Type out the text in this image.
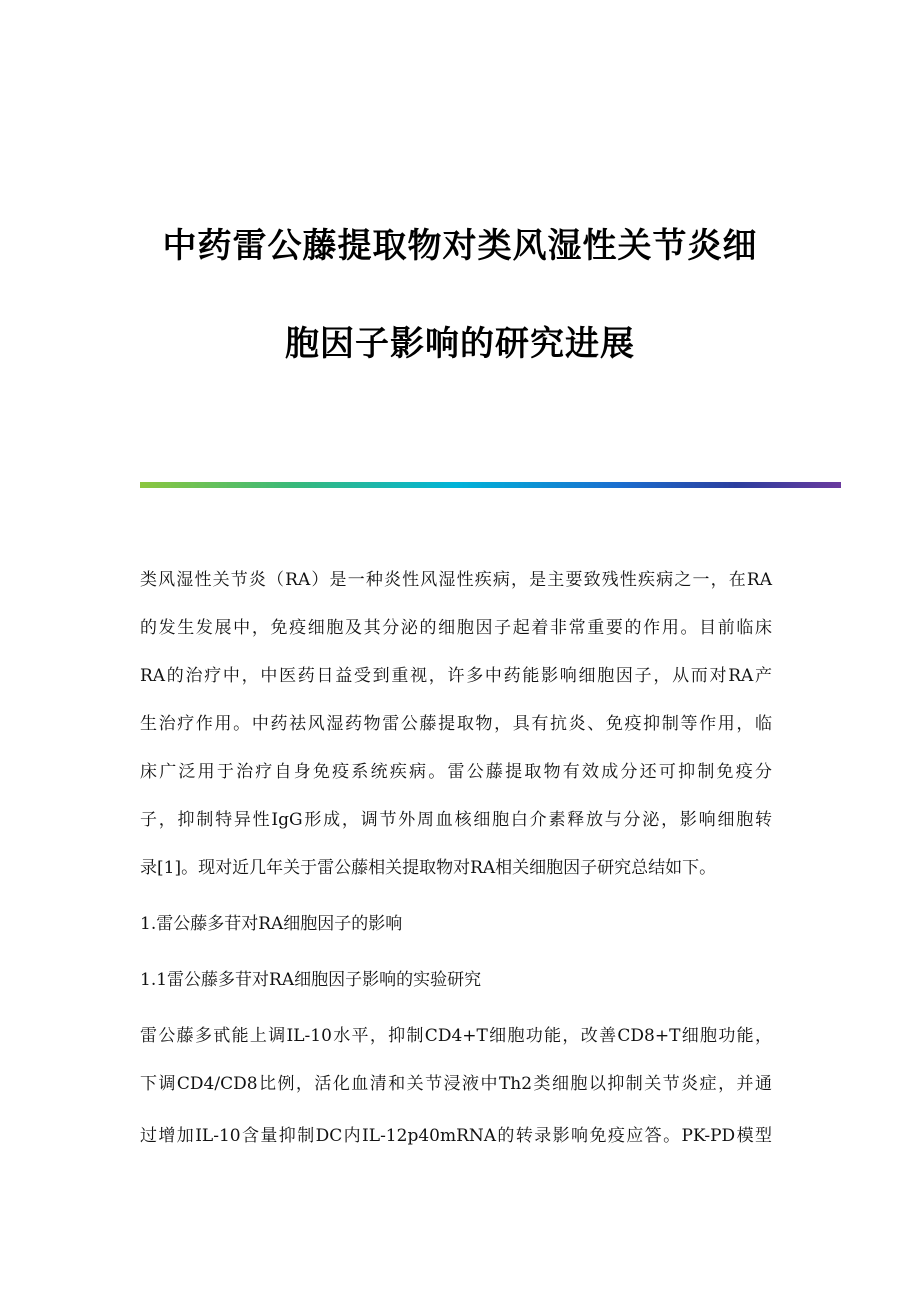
中药雷公藤提取物对类风湿性关节炎细
胞因子影响的研究进展
类风湿性关节炎（RA）是一种炎性风湿性疾病，是主要致残性疾病之一，在RA
的发生发展中，免疫细胞及其分泌的细胞因子起着非常重要的作用。目前临床
RA的治疗中，中医药日益受到重视，许多中药能影响细胞因子，从而对RA产
生治疗作用。中药祛风湿药物雷公藤提取物，具有抗炎、免疫抑制等作用，临
床广泛用于治疗自身免疫系统疾病。雷公藤提取物有效成分还可抑制免疫分
子，抑制特异性IgG形成，调节外周血核细胞白介素释放与分泌，影响细胞转
录[1]。现对近几年关于雷公藤相关提取物对RA相关细胞因子研究总结如下。
1.雷公藤多苷对RA细胞因子的影响
1.1雷公藤多苷对RA细胞因子影响的实验研究
雷公藤多甙能上调IL-10水平，抑制CD4+T细胞功能，改善CD8+T细胞功能，
下调CD4/CD8比例，活化血清和关节浸液中Th2类细胞以抑制关节炎症，并通
过增加IL-10含量抑制DC内IL-12p40mRNA的转录影响免疫应答。PK-PD模型
